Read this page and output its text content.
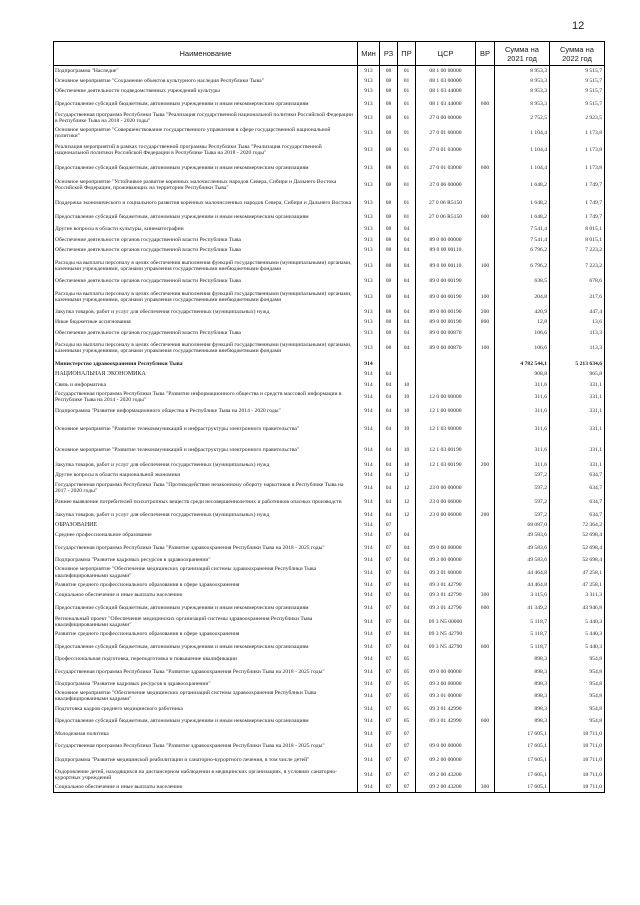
12
Наименование	Мин	РЗ	ПР	ЦСР	ВР	Сумма на 2021 год	Сумма на 2022 год
Подпрограмма "Наследие"	913	08	01	08 1 00 00000		8 953,3	9 515,7
Основное мероприятие "Сохранение объектов культурного наследия Республики Тыва"	913	08	01	08 1 03 00000		8 953,3	9 515,7
Обеспечение деятельности подведомственных учреждений культуры	913	08	01	08 1 03 44000		8 953,3	9 515,7
Предоставление субсидий бюджетным, автономным учреждениям и иным некоммерческим организациям	913	08	01	08 1 03 44000	600	8 953,3	9 515,7
Государственная программа Республики Тыва "Реализация государственной национальной политики Российской Федерации в Республике Тыва на 2018 - 2020 годы"	913	08	01	27 0 00 00000		2 752,5	2 923,5
Основное мероприятие "Совершенствование государственного управления в сфере государственной национальной политики"	913	08	01	27 0 01 00000		1 104,4	1 173,8
Реализация мероприятий в рамках государственной программы Республики Тыва "Реализация государственной национальной политики Российской Федерации в Республике Тыва на 2018 - 2020 годы"	913	08	01	27 0 01 03000		1 104,4	1 173,8
Предоставление субсидий бюджетным, автономным учреждениям и иным некоммерческим организациям	913	08	01	27 0 01 03000	600	1 104,4	1 173,8
Основное мероприятие "Устойчивое развитие коренных малочисленных народов Севера, Сибири и Дальнего Востока Российской Федерации, проживающих на территории Республики Тыва"	913	08	01	27 0 06 00000		1 648,2	1 749,7
Поддержка экономического и социального развития коренных малочисленных народов Севера, Сибири и Дальнего Востока	913	08	01	27 0 06 R5150		1 648,2	1 749,7
Предоставление субсидий бюджетным, автономным учреждениям и иным некоммерческим организациям	913	08	01	27 0 06 R5150	600	1 648,2	1 749,7
Другие вопросы в области культуры, кинематографии	913	08	04			7 541,4	8 015,1
Обеспечение деятельности органов государственной власти Республики Тыва	913	08	04	89 0 00 00000		7 541,4	8 015,1
Обеспечение деятельности органов государственной власти Республики Тыва	913	08	04	89 0 00 00110		6 796,2	7 223,2
Расходы на выплаты персоналу в целях обеспечения выполнения функций государственными (муниципальными) органами, казенными учреждениями, органами управления государственными внебюджетными фондами	913	08	04	89 0 00 00110	100	6 796,2	7 223,2
Обеспечение деятельности органов государственной власти Республики Тыва	913	08	04	89 0 00 00190		638,5	678,6
Расходы на выплаты персоналу в целях обеспечения выполнения функций государственными (муниципальными) органами, казенными учреждениями, органами управления государственными внебюджетными фондами	913	08	04	89 0 00 00190	100	204,8	217,6
Закупка товаров, работ и услуг для обеспечения государственных (муниципальных) нужд	913	08	04	89 0 00 00190	200	420,9	447,4
Иные бюджетные ассигнования	913	08	04	89 0 00 00190	800	12,8	13,6
Обеспечение деятельности органов государственной власти Республики Тыва	913	08	04	89 0 00 00870		106,6	113,3
Расходы на выплаты персоналу в целях обеспечения выполнения функций государственными (муниципальными) органами, казенными учреждениями, органами управления государственными внебюджетными фондами	913	08	04	89 0 00 00870	100	106,6	113,3
Министерство здравоохранения Республики Тыва	914					4 782 544,1	5 213 634,6
НАЦИОНАЛЬНАЯ ЭКОНОМИКА	914	04				908,8	965,8
Связь и информатика	914	04	10			311,6	331,1
Государственная программа Республики Тыва "Развитие информационного общества и средств массовой информации в Республике Тыва на 2014 - 2020 годы"	914	04	10	12 0 00 00000		311,6	331,1
Подпрограмма "Развитие информационного общества в Республике Тыва на 2014 - 2020 годы"	914	04	10	12 1 00 00000		311,6	331,1
Основное мероприятие "Развитие телекоммуникаций и инфраструктуры электронного правительства"	914	04	10	12 1 03 00000		311,6	331,1
Основное мероприятие "Развитие телекоммуникаций и инфраструктуры электронного правительства"	914	04	10	12 1 03 00190		311,6	331,1
Закупка товаров, работ и услуг для обеспечения государственных (муниципальных) нужд	914	04	10	12 1 03 00190	200	311,6	331,1
Другие вопросы в области национальной экономики	914	04	12			597,2	634,7
Государственная программа Республики Тыва "Противодействие незаконному обороту наркотиков в Республике Тыва на 2017 - 2020 годы"	914	04	12	23 0 00 00000		597,2	634,7
Раннее выявление потребителей психотропных веществ среди несовершеннолетних и работников опасных производств	914	04	12	23 0 00 06000		597,2	634,7
Закупка товаров, работ и услуг для обеспечения государственных (муниципальных) нужд	914	04	12	23 0 00 06000	200	597,2	634,7
ОБРАЗОВАНИЕ	914	07				68 087,0	72 364,2
Среднее профессиональное образование	914	07	04			49 583,6	52 698,4
Государственная программа Республики Тыва "Развитие здравоохранения Республики Тыва на 2018 - 2025 годы"	914	07	04	09 0 00 00000		49 583,6	52 698,4
Подпрограмма "Развитие кадровых ресурсов в здравоохранении"	914	07	04	09 3 00 00000		49 583,6	52 698,4
Основное мероприятие "Обеспечение медицинских организаций системы здравоохранения Республики Тыва квалифицированными кадрами"	914	07	04	09 3 01 00000		44 464,8	47 258,1
Развитие среднего профессионального образования в сфере здравоохранения	914	07	04	09 3 01 42790		44 464,8	47 258,1
Социальное обеспечение и иные выплаты населению	914	07	04	09 3 01 42790	300	3 115,6	3 311,3
Предоставление субсидий бюджетным, автономным учреждениям и иным некоммерческим организациям	914	07	04	09 3 01 42790	600	41 349,2	43 946,8
Региональный проект "Обеспечение медицинских организаций системы здравоохранения Республики Тыва квалифицированными кадрами"	914	07	04	09 3 N5 00000		5 118,7	5 440,3
Развитие среднего профессионального образования в сфере здравоохранения	914	07	04	09 3 N5 42790		5 118,7	5 440,3
Предоставление субсидий бюджетным, автономным учреждениям и иным некоммерческим организациям	914	07	04	09 3 N5 42790	600	5 118,7	5 440,3
Профессиональная подготовка, переподготовка и повышение квалификации	914	07	05			898,3	954,8
Государственная программа Республики Тыва "Развитие здравоохранения Республики Тыва на 2018 - 2025 годы"	914	07	05	09 0 00 00000		898,3	954,8
Подпрограмма "Развитие кадровых ресурсов в здравоохранении"	914	07	05	09 3 00 00000		898,3	954,8
Основное мероприятие "Обеспечение медицинских организаций системы здравоохранения Республики Тыва квалифицированными кадрами"	914	07	05	09 3 01 00000		898,3	954,8
Подготовка кадров среднего медицинского работника	914	07	05	09 3 01 42990		898,3	954,8
Предоставление субсидий бюджетным, автономным учреждениям и иным некоммерческим организациям	914	07	05	09 3 01 42990	600	898,3	954,8
Молодежная политика	914	07	07			17 605,1	18 711,0
Государственная программа Республики Тыва "Развитие здравоохранения Республики Тыва на 2018 - 2025 годы"	914	07	07	09 0 00 00000		17 605,1	18 711,0
Подпрограмма "Развитие медицинской реабилитации и санаторно-курортного лечения, в том числе детей"	914	07	07	09 2 00 00000		17 605,1	18 711,0
Оздоровление детей, находящихся на диспансерном наблюдении в медицинских организациях, в условиях санаторно-курортных учреждений	914	07	07	09 2 00 43200		17 605,1	18 711,0
Социальное обеспечение и иные выплаты населению	914	07	07	09 2 00 43200	300	17 605,1	18 711,0
